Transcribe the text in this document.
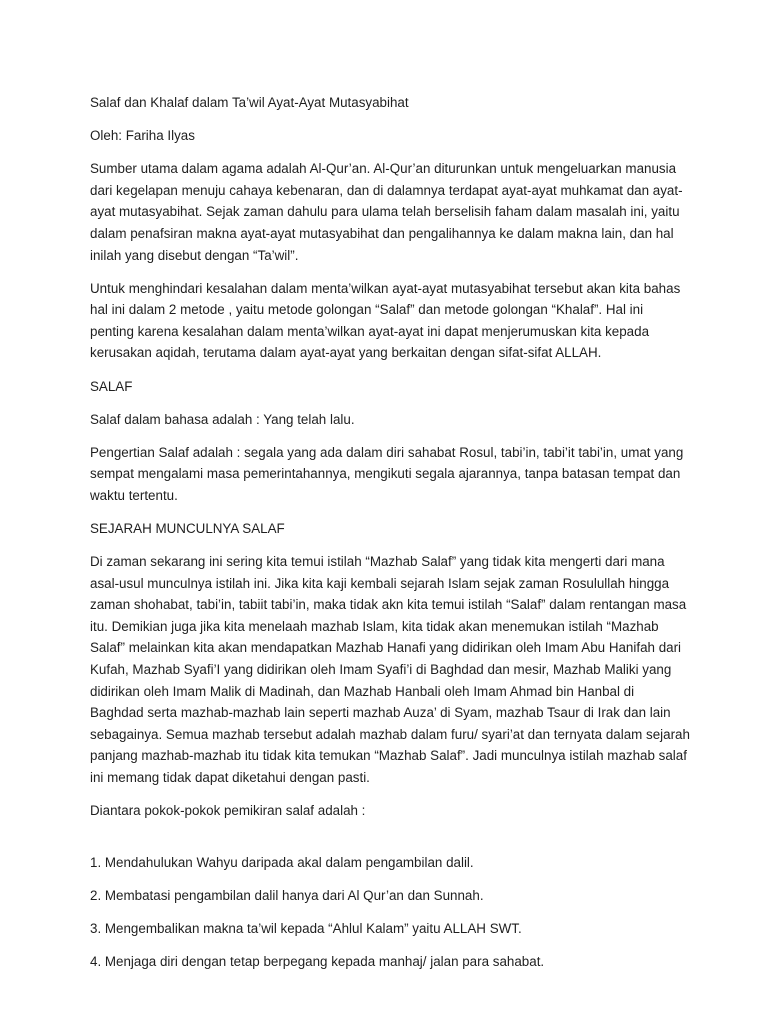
Salaf dan Khalaf dalam Ta’wil Ayat-Ayat Mutasyabihat

Oleh: Fariha Ilyas

Sumber utama dalam agama adalah Al-Qur’an. Al-Qur’an diturunkan untuk mengeluarkan manusia dari kegelapan menuju cahaya kebenaran, dan di dalamnya terdapat ayat-ayat muhkamat dan ayat-ayat mutasyabihat. Sejak zaman dahulu para ulama telah berselisih faham dalam masalah ini, yaitu dalam penafsiran makna ayat-ayat mutasyabihat dan pengalihannya ke dalam makna lain, dan hal inilah yang disebut dengan “Ta’wil”.

Untuk menghindari kesalahan dalam menta’wilkan ayat-ayat mutasyabihat tersebut akan kita bahas hal ini dalam 2 metode , yaitu metode golongan “Salaf” dan metode golongan “Khalaf”. Hal ini penting karena kesalahan dalam menta’wilkan ayat-ayat ini dapat menjerumuskan kita kepada kerusakan aqidah, terutama dalam ayat-ayat yang berkaitan dengan sifat-sifat ALLAH.

SALAF

Salaf dalam bahasa adalah : Yang telah lalu.

Pengertian Salaf adalah : segala yang ada dalam diri sahabat Rosul, tabi’in, tabi’it tabi’in, umat yang sempat mengalami masa pemerintahannya, mengikuti segala ajarannya, tanpa batasan tempat dan waktu tertentu.

SEJARAH MUNCULNYA SALAF

Di zaman sekarang ini sering kita temui istilah “Mazhab Salaf” yang tidak kita mengerti dari mana asal-usul munculnya istilah ini. Jika kita kaji kembali sejarah Islam sejak zaman Rosulullah hingga zaman shohabat, tabi’in, tabiit tabi’in, maka tidak akn kita temui istilah “Salaf” dalam rentangan masa itu. Demikian juga jika kita menelaah mazhab Islam, kita tidak akan menemukan istilah “Mazhab Salaf” melainkan kita akan mendapatkan Mazhab Hanafi yang didirikan oleh Imam Abu Hanifah dari Kufah, Mazhab Syafi’I yang didirikan oleh Imam Syafi’i di Baghdad dan mesir, Mazhab Maliki yang didirikan oleh Imam Malik di Madinah, dan Mazhab Hanbali oleh Imam Ahmad bin Hanbal di Baghdad serta mazhab-mazhab lain seperti mazhab Auza’ di Syam, mazhab Tsaur di Irak dan lain sebagainya. Semua mazhab tersebut adalah mazhab dalam furu/ syari’at dan ternyata dalam sejarah panjang mazhab-mazhab itu tidak kita temukan “Mazhab Salaf”. Jadi munculnya istilah mazhab salaf ini memang tidak dapat diketahui dengan pasti.

Diantara pokok-pokok pemikiran salaf adalah :

1. Mendahulukan Wahyu daripada akal dalam pengambilan dalil.

2. Membatasi pengambilan dalil hanya dari Al Qur’an dan Sunnah.

3. Mengembalikan makna ta’wil kepada “Ahlul Kalam” yaitu ALLAH SWT.

4. Menjaga diri dengan tetap berpegang kepada manhaj/ jalan para sahabat.
